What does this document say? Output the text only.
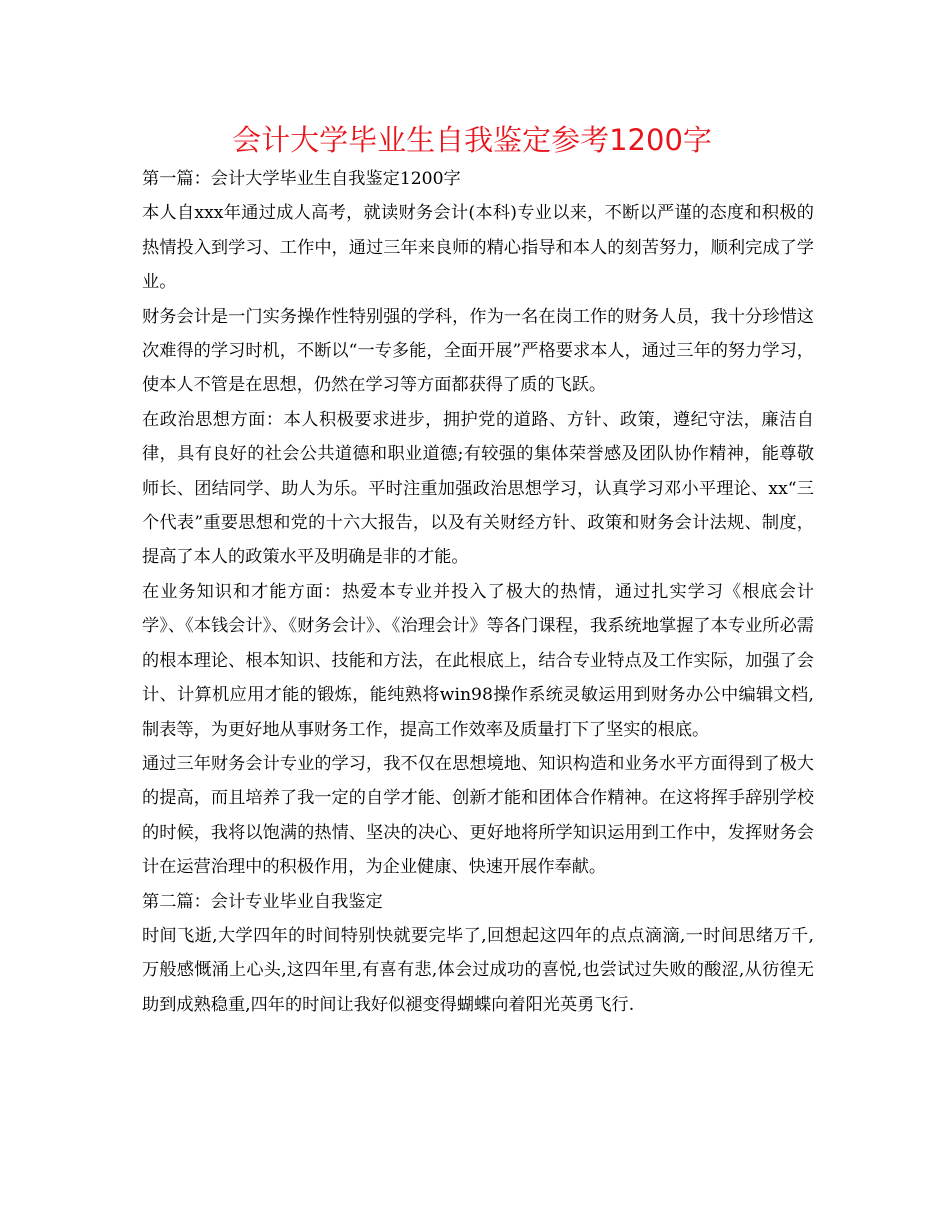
会计大学毕业生自我鉴定参考1200字

第一篇：会计大学毕业生自我鉴定1200字

本人自xxx年通过成人高考，就读财务会计(本科)专业以来，不断以严谨的态度和积极的热情投入到学习、工作中，通过三年来良师的精心指导和本人的刻苦努力，顺利完成了学业。

财务会计是一门实务操作性特别强的学科，作为一名在岗工作的财务人员，我十分珍惜这次难得的学习时机，不断以“一专多能，全面开展”严格要求本人，通过三年的努力学习，使本人不管是在思想，仍然在学习等方面都获得了质的飞跃。

在政治思想方面：本人积极要求进步，拥护党的道路、方针、政策，遵纪守法，廉洁自律，具有良好的社会公共道德和职业道德;有较强的集体荣誉感及团队协作精神，能尊敬师长、团结同学、助人为乐。平时注重加强政治思想学习，认真学习邓小平理论、xx“三个代表”重要思想和党的十六大报告，以及有关财经方针、政策和财务会计法规、制度，提高了本人的政策水平及明确是非的才能。

在业务知识和才能方面：热爱本专业并投入了极大的热情，通过扎实学习《根底会计学》、《本钱会计》、《财务会计》、《治理会计》等各门课程，我系统地掌握了本专业所必需的根本理论、根本知识、技能和方法，在此根底上，结合专业特点及工作实际，加强了会计、计算机应用才能的锻炼，能纯熟将win98操作系统灵敏运用到财务办公中编辑文档,制表等，为更好地从事财务工作，提高工作效率及质量打下了坚实的根底。

通过三年财务会计专业的学习，我不仅在思想境地、知识构造和业务水平方面得到了极大的提高，而且培养了我一定的自学才能、创新才能和团体合作精神。在这将挥手辞别学校的时候，我将以饱满的热情、坚决的决心、更好地将所学知识运用到工作中，发挥财务会计在运营治理中的积极作用，为企业健康、快速开展作奉献。

第二篇：会计专业毕业自我鉴定

时间飞逝,大学四年的时间特别快就要完毕了,回想起这四年的点点滴滴,一时间思绪万千,万般感慨涌上心头,这四年里,有喜有悲,体会过成功的喜悦,也尝试过失败的酸涩,从彷徨无助到成熟稳重,四年的时间让我好似褪变得蝴蝶向着阳光英勇飞行.
